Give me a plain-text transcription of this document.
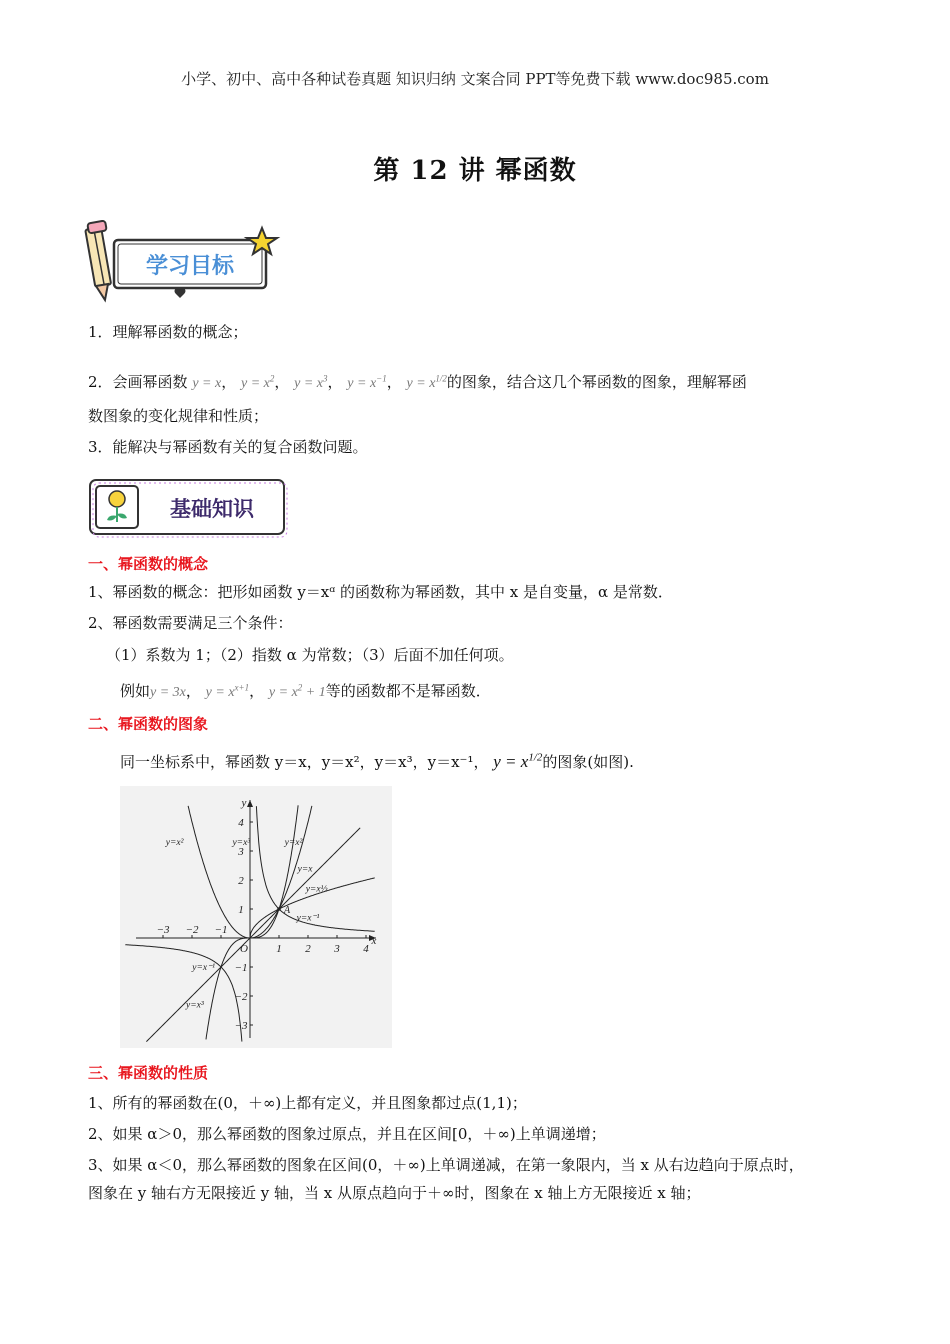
小学、初中、高中各种试卷真题 知识归纳 文案合同 PPT等免费下载 www.doc985.com
第 12 讲 幂函数
学习目标
1．理解幂函数的概念；
2．会画幂函数 y = x， $y = x^2$， $y = x^3$， $y = x^{-1}$， $y = x^{1/2}$的图象，结合这几个幂函数的图象，理解幂函
数图象的变化规律和性质；
3．能解决与幂函数有关的复合函数问题。
基础知识
一、幂函数的概念
1、幂函数的概念：把形如函数 y＝xᵅ 的函数称为幂函数，其中 x 是自变量，α 是常数．
2、幂函数需要满足三个条件：
（1）系数为 1；（2）指数 α 为常数；（3）后面不加任何项。
例如y = 3x， $y = x^{x+1}$， $y = x^2 + 1$等的函数都不是幂函数．
二、幂函数的图象
同一坐标系中，幂函数 y＝x，y＝x²，y＝x³，y＝x⁻¹， $y = x^{1/2}$的图象(如图).
x
y
−3 −2 −1
O	1 2 3 4
4
3
2
1
−1
−2
−3
A
y=x²	y=x³	y=x²
y=x
y=x½
y=x⁻¹
y=x⁻¹
y=x³
三、幂函数的性质
1、所有的幂函数在(0，＋∞)上都有定义，并且图象都过点(1,1)；
2、如果 α＞0，那么幂函数的图象过原点，并且在区间[0，＋∞)上单调递增；
3、如果 α＜0，那么幂函数的图象在区间(0，＋∞)上单调递减，在第一象限内，当 x 从右边趋向于原点时，
图象在 y 轴右方无限接近 y 轴，当 x 从原点趋向于＋∞时，图象在 x 轴上方无限接近 x 轴；
